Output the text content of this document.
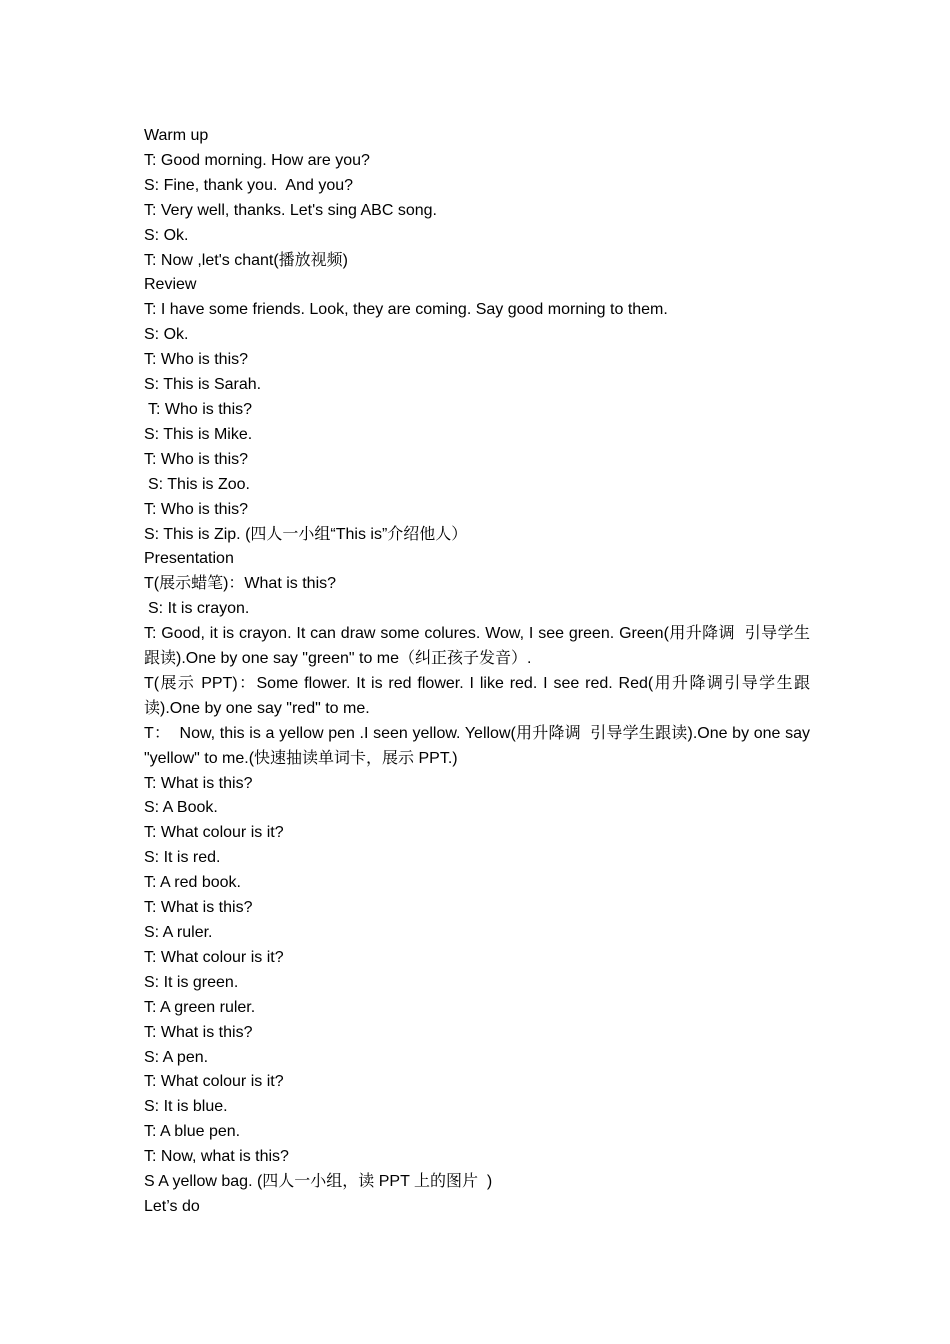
Warm up

T: Good morning. How are you?

S: Fine, thank you.  And you?

T: Very well, thanks. Let's sing ABC song.

S: Ok.

T: Now ,let's chant(播放视频)

Review

T: I have some friends. Look, they are coming. Say good morning to them.

S: Ok.

T: Who is this?

S: This is Sarah.

T: Who is this?

S: This is Mike.

T: Who is this?

S: This is Zoo.

T: Who is this?

S: This is Zip. (四人一小组“This is”介绍他人）

Presentation

T(展示蜡笔)：What is this?

S: It is crayon.

T: Good, it is crayon. It can draw some colures. Wow, I see green. Green(用升降调  引导学生跟读).One by one say "green" to me（纠正孩子发音）.

T(展示 PPT)：Some flower. It is red flower. I like red. I see red. Red(用升降调引导学生跟读).One by one say "red" to me.

T：  Now, this is a yellow pen .I seen yellow. Yellow(用升降调  引导学生跟读).One by one say "yellow" to me.(快速抽读单词卡，展示 PPT.)

T: What is this?

S: A Book.

T: What colour is it?

S: It is red.

T: A red book.

T: What is this?

S: A ruler.

T: What colour is it?

S: It is green.

T: A green ruler.

T: What is this?

S: A pen.

T: What colour is it?

S: It is blue.

T: A blue pen.

T: Now, what is this?

S A yellow bag. (四人一小组，读 PPT 上的图片  )

Let’s do
